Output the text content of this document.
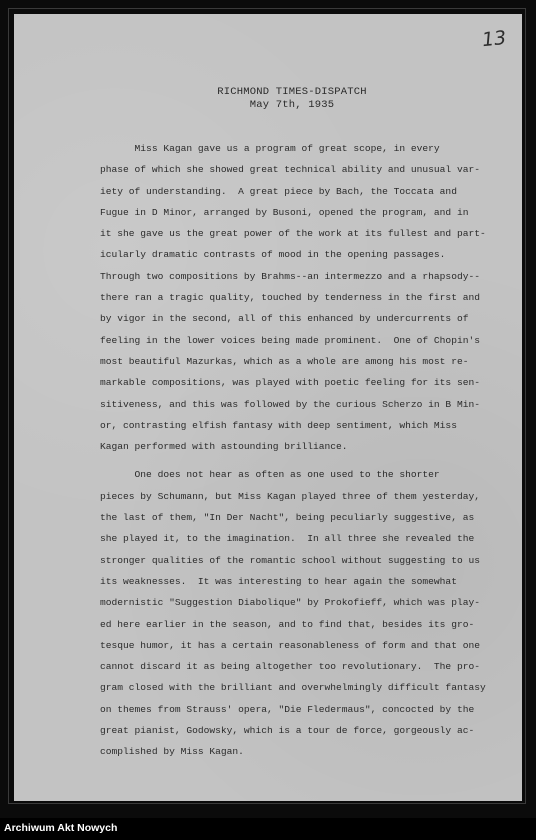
13
RICHMOND TIMES-DISPATCH
May 7th, 1935
Miss Kagan gave us a program of great scope, in every
phase of which she showed great technical ability and unusual var-
iety of understanding.  A great piece by Bach, the Toccata and
Fugue in D Minor, arranged by Busoni, opened the program, and in
it she gave us the great power of the work at its fullest and part-
icularly dramatic contrasts of mood in the opening passages.
Through two compositions by Brahms--an intermezzo and a rhapsody--
there ran a tragic quality, touched by tenderness in the first and
by vigor in the second, all of this enhanced by undercurrents of
feeling in the lower voices being made prominent.  One of Chopin's
most beautiful Mazurkas, which as a whole are among his most re-
markable compositions, was played with poetic feeling for its sen-
sitiveness, and this was followed by the curious Scherzo in B Min-
or, contrasting elfish fantasy with deep sentiment, which Miss
Kagan performed with astounding brilliance.
One does not hear as often as one used to the shorter
pieces by Schumann, but Miss Kagan played three of them yesterday,
the last of them, "In Der Nacht", being peculiarly suggestive, as
she played it, to the imagination.  In all three she revealed the
stronger qualities of the romantic school without suggesting to us
its weaknesses.  It was interesting to hear again the somewhat
modernistic "Suggestion Diabolique" by Prokofieff, which was play-
ed here earlier in the season, and to find that, besides its gro-
tesque humor, it has a certain reasonableness of form and that one
cannot discard it as being altogether too revolutionary.  The pro-
gram closed with the brilliant and overwhelmingly difficult fantasy
on themes from Strauss' opera, "Die Fledermaus", concocted by the
great pianist, Godowsky, which is a tour de force, gorgeously ac-
complished by Miss Kagan.
Archiwum Akt Nowych
